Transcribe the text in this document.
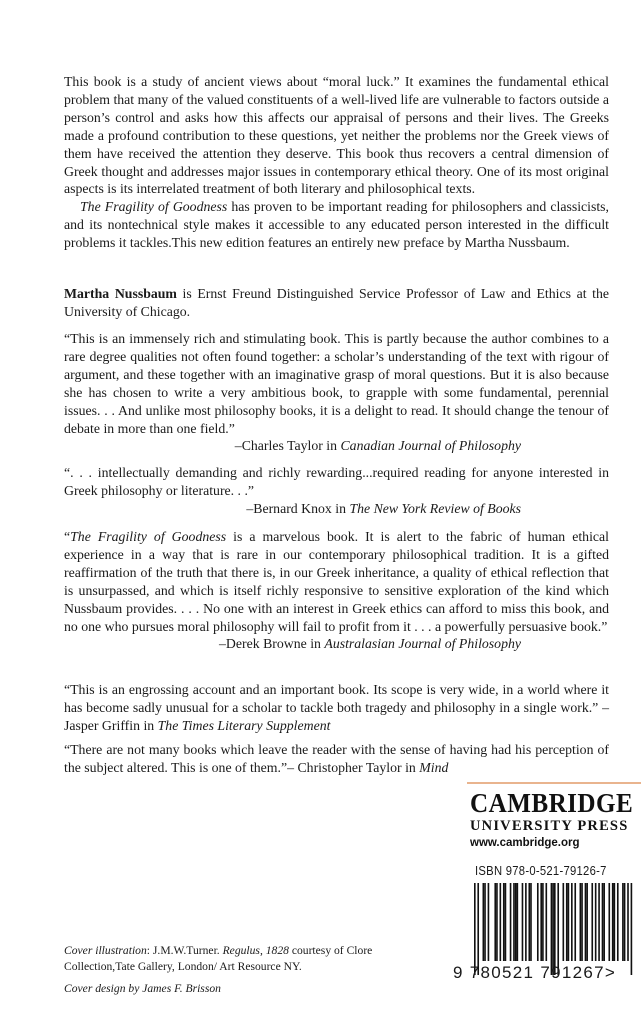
This book is a study of ancient views about “moral luck.” It examines the fundamental ethical problem that many of the valued constituents of a well-lived life are vulnerable to factors outside a person’s control and asks how this affects our appraisal of persons and their lives. The Greeks made a profound contribution to these questions, yet neither the problems nor the Greek views of them have received the attention they deserve. This book thus recovers a central dimension of Greek thought and addresses major issues in contemporary ethical theory. One of its most original aspects is its interrelated treatment of both literary and philosophical texts.

The Fragility of Goodness has proven to be important reading for philosophers and classicists, and its nontechnical style makes it accessible to any educated person interested in the difficult problems it tackles.This new edition features an entirely new preface by Martha Nussbaum.

Martha Nussbaum is Ernst Freund Distinguished Service Professor of Law and Ethics at the University of Chicago.

“This is an immensely rich and stimulating book. This is partly because the author combines to a rare degree qualities not often found together: a scholar’s understanding of the text with rigour of argument, and these together with an imaginative grasp of moral questions. But it is also because she has chosen to write a very ambitious book, to grapple with some fundamental, perennial issues. . . And unlike most philosophy books, it is a delight to read. It should change the tenour of debate in more than one field.”

–Charles Taylor in Canadian Journal of Philosophy

“. . . intellectually demanding and richly rewarding...required reading for anyone interested in Greek philosophy or literature. . .”

–Bernard Knox in The New York Review of Books

“The Fragility of Goodness is a marvelous book. It is alert to the fabric of human ethical experience in a way that is rare in our contemporary philosophical tradition. It is a gifted reaffirmation of the truth that there is, in our Greek inheritance, a quality of ethical reflection that is unsurpassed, and which is itself richly responsive to sensitive exploration of the kind which Nussbaum provides. . . . No one with an interest in Greek ethics can afford to miss this book, and no one who pursues moral philosophy will fail to profit from it . . . a powerfully persuasive book.”

–Derek Browne in Australasian Journal of Philosophy

“This is an engrossing account and an important book. Its scope is very wide, in a world where it has become sadly unusual for a scholar to tackle both tragedy and philosophy in a single work.” –Jasper Griffin in The Times Literary Supplement

“There are not many books which leave the reader with the sense of having had his perception of the subject altered. This is one of them.”– Christopher Taylor in Mind

CAMBRIDGE
UNIVERSITY PRESS
www.cambridge.org
ISBN 978-0-521-79126-7
9 780521 791267>

Cover illustration: J.M.W.Turner. Regulus, 1828 courtesy of Clore Collection,Tate Gallery, London/ Art Resource NY.

Cover design by James F. Brisson
